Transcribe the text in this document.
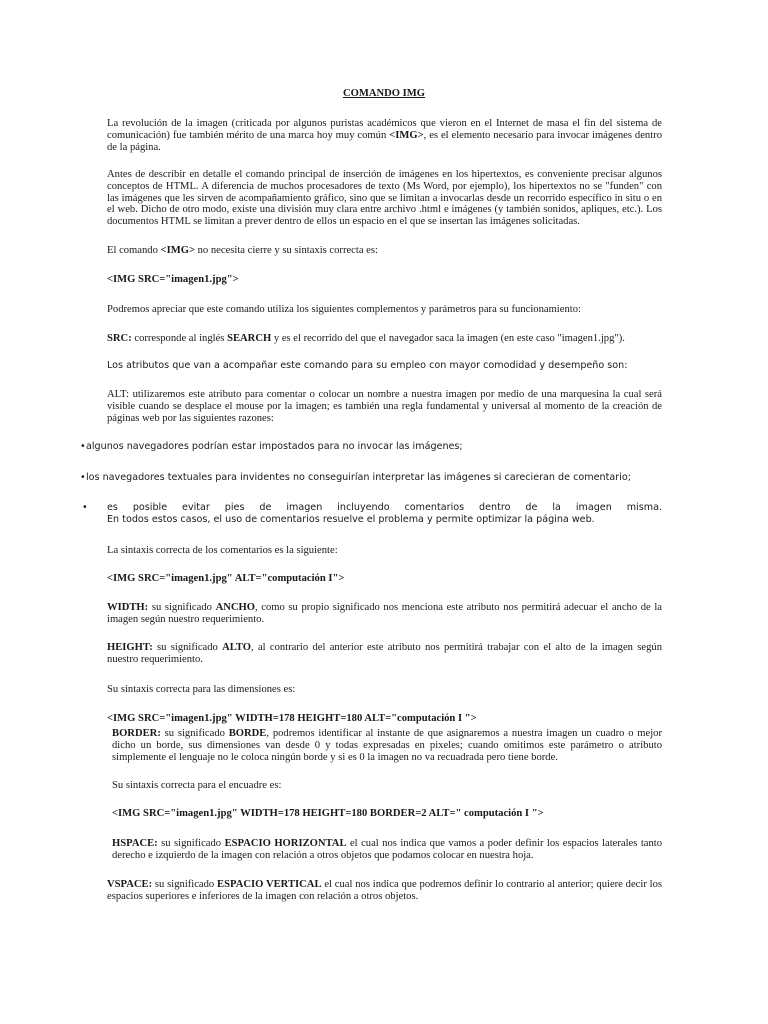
COMANDO IMG

La revolución de la imagen (criticada por algunos puristas académicos que vieron en el Internet de masa el fin del sistema de comunicación) fue también mérito de una marca hoy muy común <IMG>, es el elemento necesario para invocar imágenes dentro de la página.

Antes de describir en detalle el comando principal de inserción de imágenes en los hipertextos, es conveniente precisar algunos conceptos de HTML. A diferencia de muchos procesadores de texto (Ms Word, por ejemplo), los hipertextos no se "funden" con las imágenes que les sirven de acompañamiento gráfico, sino que se limitan a invocarlas desde un recorrido específico in situ o en el web. Dicho de otro modo, existe una división muy clara entre archivo .html e imágenes (y también sonidos, apliques, etc.). Los documentos HTML se limitan a prever dentro de ellos un espacio en el que se insertan las imágenes solicitadas.

El comando <IMG> no necesita cierre y su sintaxis correcta es:

<IMG SRC="imagen1.jpg">

Podremos apreciar que este comando utiliza los siguientes complementos y parámetros para su funcionamiento:

SRC: corresponde al inglés SEARCH y es el recorrido del que el navegador saca la imagen (en este caso "imagen1.jpg").

Los atributos que van a acompañar este comando para su empleo con mayor comodidad y desempeño son:

ALT: utilizaremos este atributo para comentar o colocar un nombre a nuestra imagen por medio de una marquesina la cual será visible cuando se desplace el mouse por la imagen; es también una regla fundamental y universal al momento de la creación de páginas web por las siguientes razones:

•algunos navegadores podrían estar impostados para no invocar las imágenes;
•los navegadores textuales para invidentes no conseguirían interpretar las imágenes si carecieran de comentario;
• es posible evitar pies de imagen incluyendo comentarios dentro de la imagen misma.
En todos estos casos, el uso de comentarios resuelve el problema y permite optimizar la página web.

La sintaxis correcta de los comentarios es la siguiente:

<IMG SRC="imagen1.jpg" ALT="computación I">

WIDTH: su significado ANCHO, como su propio significado nos menciona este atributo nos permitirá adecuar el ancho de la imagen según nuestro requerimiento.

HEIGHT: su significado ALTO, al contrario del anterior este atributo nos permitirá trabajar con el alto de la imagen según nuestro requerimiento.

Su sintaxis correcta para las dimensiones es:

<IMG SRC="imagen1.jpg" WIDTH=178 HEIGHT=180 ALT="computación I ">

BORDER: su significado BORDE, podremos identificar al instante de que asignaremos a nuestra imagen un cuadro o mejor dicho un borde, sus dimensiones van desde 0 y todas expresadas en pixeles; cuando omitimos este parámetro o atributo simplemente el lenguaje no le coloca ningún borde y si es 0 la imagen no va recuadrada pero tiene borde.

Su sintaxis correcta para el encuadre es:

<IMG SRC="imagen1.jpg" WIDTH=178 HEIGHT=180 BORDER=2 ALT=" computación I ">

HSPACE: su significado ESPACIO HORIZONTAL el cual nos indica que vamos a poder definir los espacios laterales tanto derecho e izquierdo de la imagen con relación a otros objetos que podamos colocar en nuestra hoja.

VSPACE: su significado ESPACIO VERTICAL el cual nos indica que podremos definir lo contrario al anterior; quiere decir los espacios superiores e inferiores de la imagen con relación a otros objetos.
